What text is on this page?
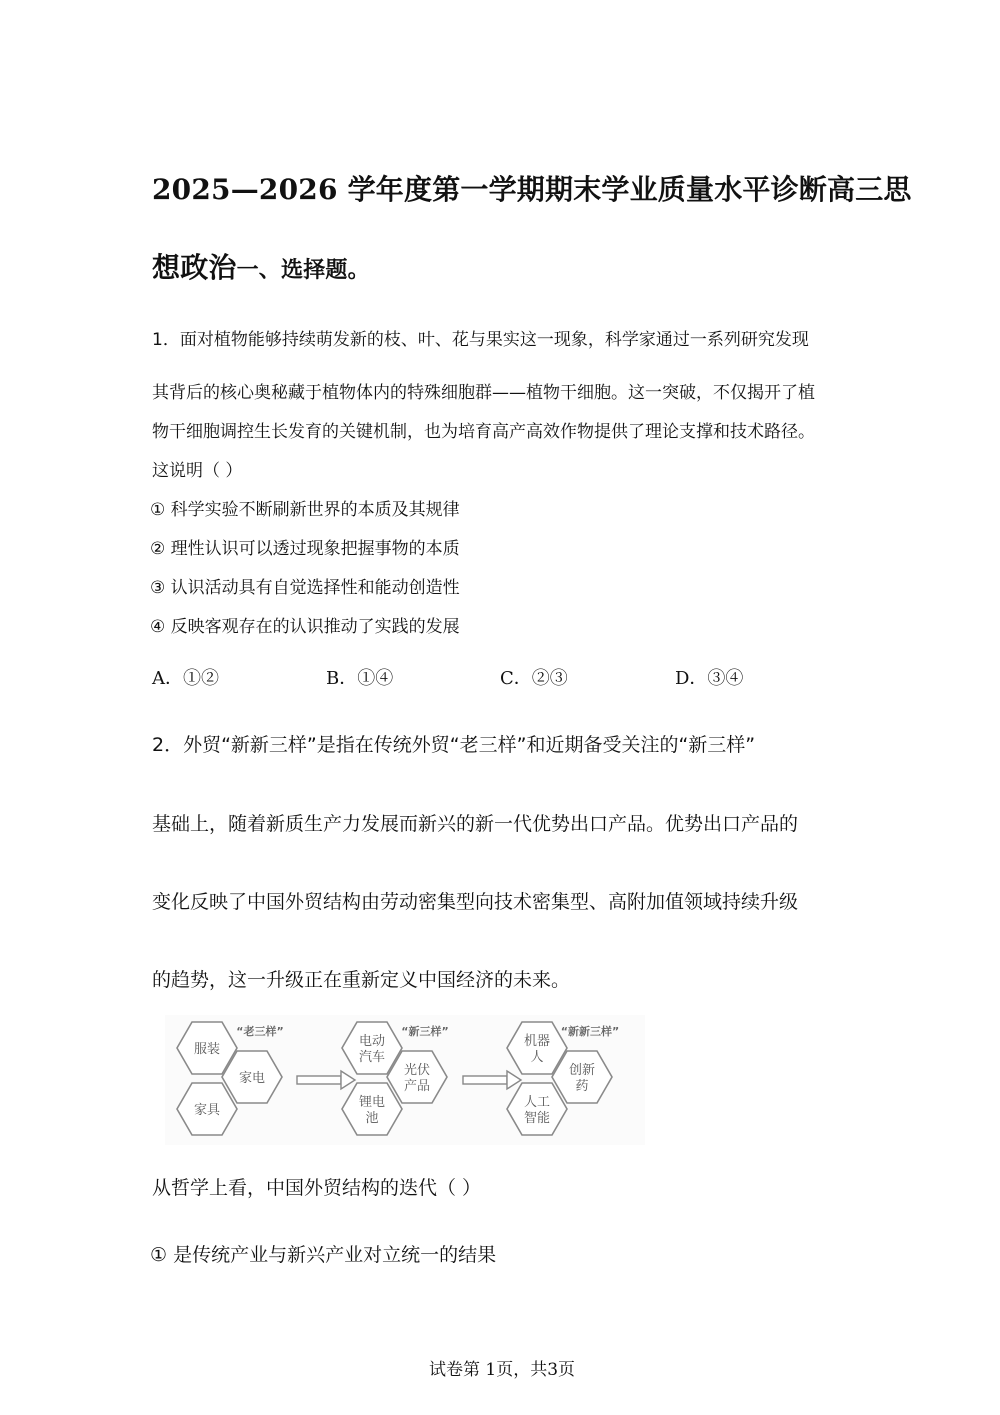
2025—2026 学年度第一学期期末学业质量水平诊断高三思
想政治一、选择题。
1．面对植物能够持续萌发新的枝、叶、花与果实这一现象，科学家通过一系列研究发现
其背后的核心奥秘藏于植物体内的特殊细胞群——植物干细胞。这一突破，不仅揭开了植
物干细胞调控生长发育的关键机制，也为培育高产高效作物提供了理论支撑和技术路径。
这说明（ ）
① 科学实验不断刷新世界的本质及其规律
② 理性认识可以透过现象把握事物的本质
③ 认识活动具有自觉选择性和能动创造性
④ 反映客观存在的认识推动了实践的发展
A．①②	B．①④	C．②③	D．③④
2．外贸“新新三样”是指在传统外贸“老三样”和近期备受关注的“新三样”
基础上，随着新质生产力发展而新兴的新一代优势出口产品。优势出口产品的
变化反映了中国外贸结构由劳动密集型向技术密集型、高附加值领域持续升级
的趋势，这一升级正在重新定义中国经济的未来。
“老三样”
服装
家电
家具
“新三样”
电动
汽车
光伏
产品
锂电
池
“新新三样”
机器
人
创新
药
人工
智能
从哲学上看，中国外贸结构的迭代（ ）
① 是传统产业与新兴产业对立统一的结果
试卷第 1页，共3页
